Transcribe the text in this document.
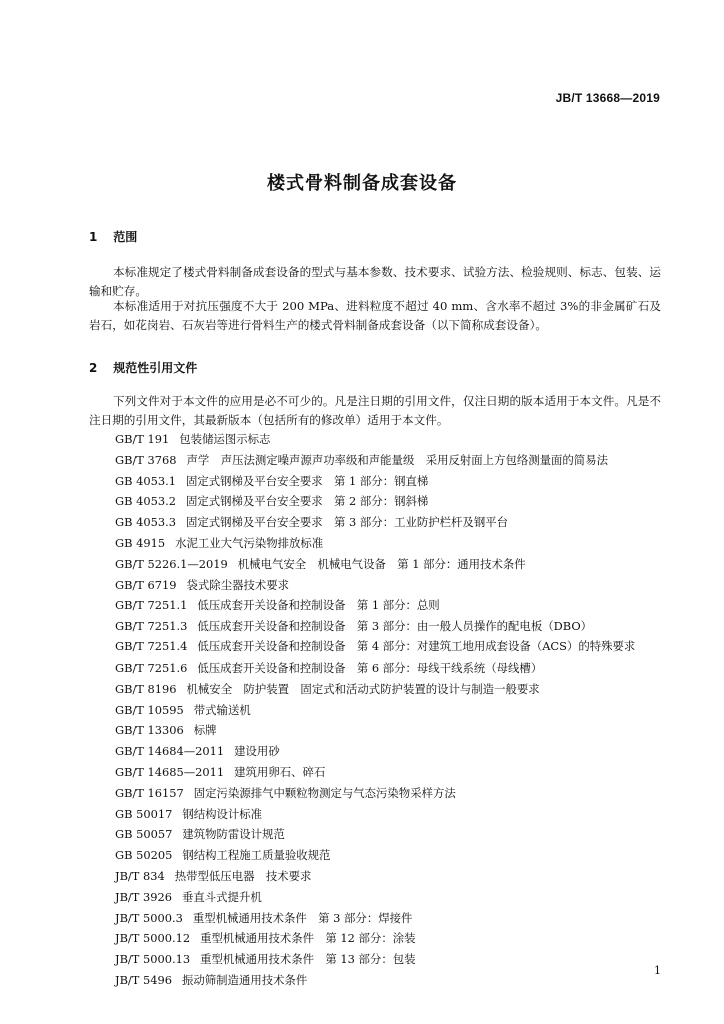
JB/T 13668—2019
楼式骨料制备成套设备
1 范围

本标准规定了楼式骨料制备成套设备的型式与基本参数、技术要求、试验方法、检验规则、标志、包装、运输和贮存。

本标准适用于对抗压强度不大于 200 MPa、进料粒度不超过 40 mm、含水率不超过 3%的非金属矿石及岩石，如花岗岩、石灰岩等进行骨料生产的楼式骨料制备成套设备（以下简称成套设备）。

2 规范性引用文件

下列文件对于本文件的应用是必不可少的。凡是注日期的引用文件，仅注日期的版本适用于本文件。凡是不注日期的引用文件，其最新版本（包括所有的修改单）适用于本文件。

GB/T 191 包装储运图示标志
GB/T 3768 声学　声压法测定噪声源声功率级和声能量级　采用反射面上方包络测量面的简易法
GB 4053.1 固定式钢梯及平台安全要求　第 1 部分：钢直梯
GB 4053.2 固定式钢梯及平台安全要求　第 2 部分：钢斜梯
GB 4053.3 固定式钢梯及平台安全要求　第 3 部分：工业防护栏杆及钢平台
GB 4915 水泥工业大气污染物排放标准
GB/T 5226.1—2019 机械电气安全　机械电气设备　第 1 部分：通用技术条件
GB/T 6719 袋式除尘器技术要求
GB/T 7251.1 低压成套开关设备和控制设备　第 1 部分：总则
GB/T 7251.3 低压成套开关设备和控制设备　第 3 部分：由一般人员操作的配电板（DBO）
GB/T 7251.4 低压成套开关设备和控制设备　第 4 部分：对建筑工地用成套设备（ACS）的特殊要求
GB/T 7251.6 低压成套开关设备和控制设备　第 6 部分：母线干线系统（母线槽）
GB/T 8196 机械安全　防护装置　固定式和活动式防护装置的设计与制造一般要求
GB/T 10595 带式输送机
GB/T 13306 标牌
GB/T 14684—2011 建设用砂
GB/T 14685—2011 建筑用卵石、碎石
GB/T 16157 固定污染源排气中颗粒物测定与气态污染物采样方法
GB 50017 钢结构设计标准
GB 50057 建筑物防雷设计规范
GB 50205 钢结构工程施工质量验收规范
JB/T 834 热带型低压电器　技术要求
JB/T 3926 垂直斗式提升机
JB/T 5000.3 重型机械通用技术条件　第 3 部分：焊接件
JB/T 5000.12 重型机械通用技术条件　第 12 部分：涂装
JB/T 5000.13 重型机械通用技术条件　第 13 部分：包装
JB/T 5496 振动筛制造通用技术条件
1
